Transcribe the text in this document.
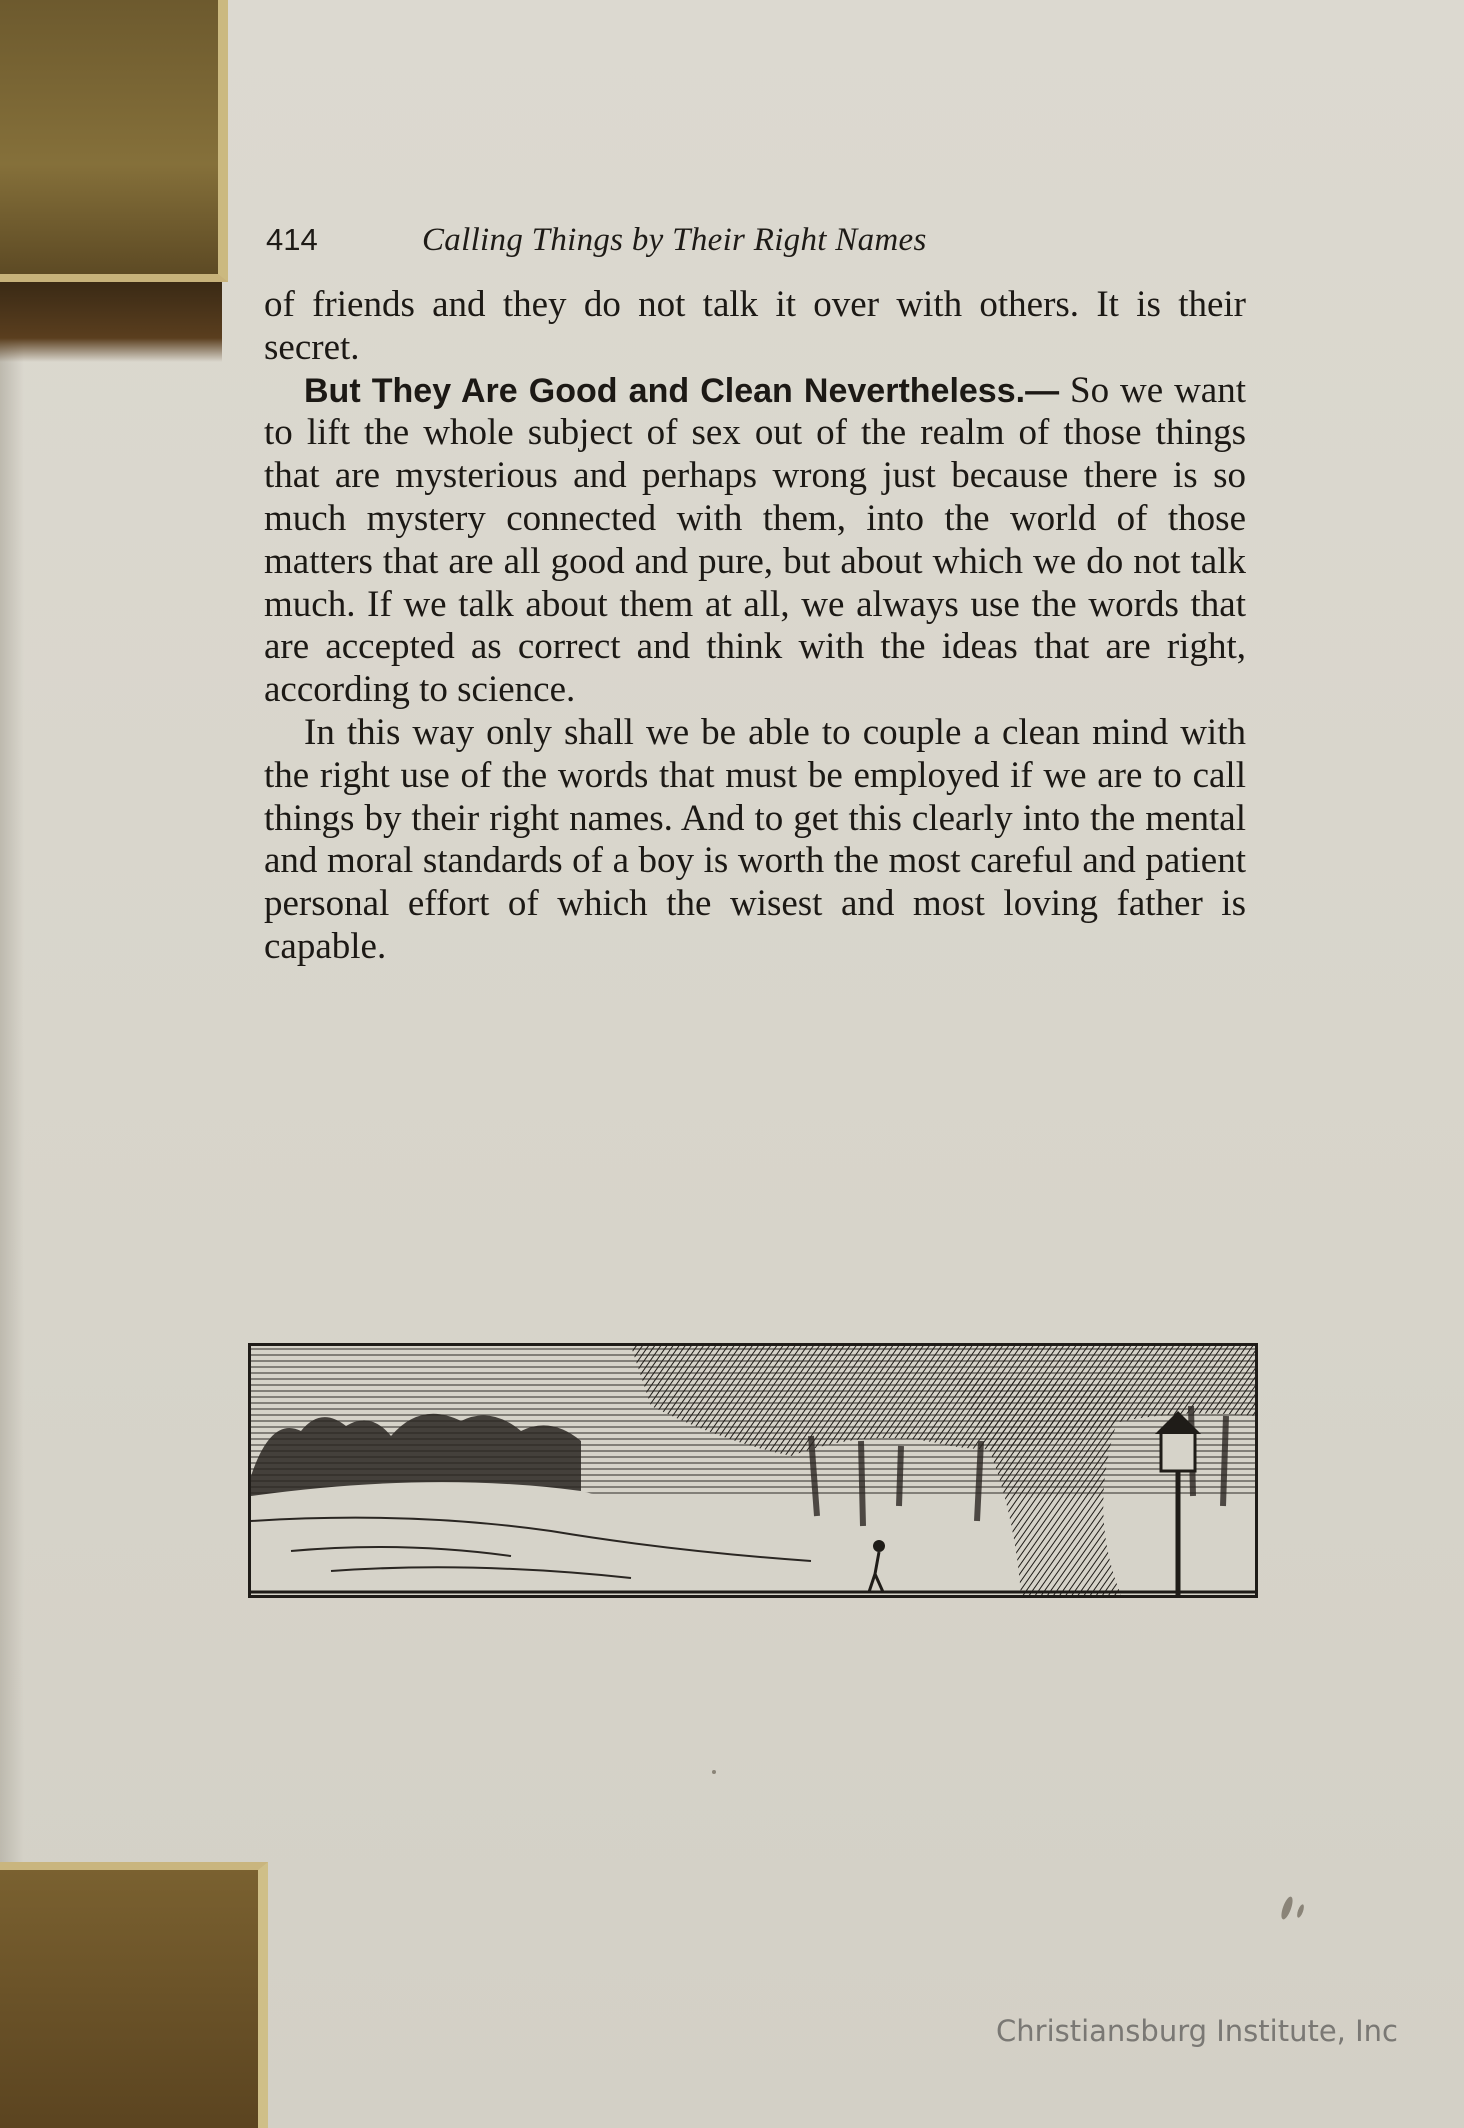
414	Calling Things by Their Right Names

of friends and they do not talk it over with others. It is their secret.

But They Are Good and Clean Nevertheless.— So we want to lift the whole subject of sex out of the realm of those things that are mysterious and perhaps wrong just because there is so much mystery connected with them, into the world of those matters that are all good and pure, but about which we do not talk much. If we talk about them at all, we always use the words that are accepted as correct and think with the ideas that are right, according to science.

In this way only shall we be able to couple a clean mind with the right use of the words that must be employed if we are to call things by their right names. And to get this clearly into the mental and moral standards of a boy is worth the most careful and patient personal effort of which the wisest and most loving father is capable.

Christiansburg Institute, Inc
